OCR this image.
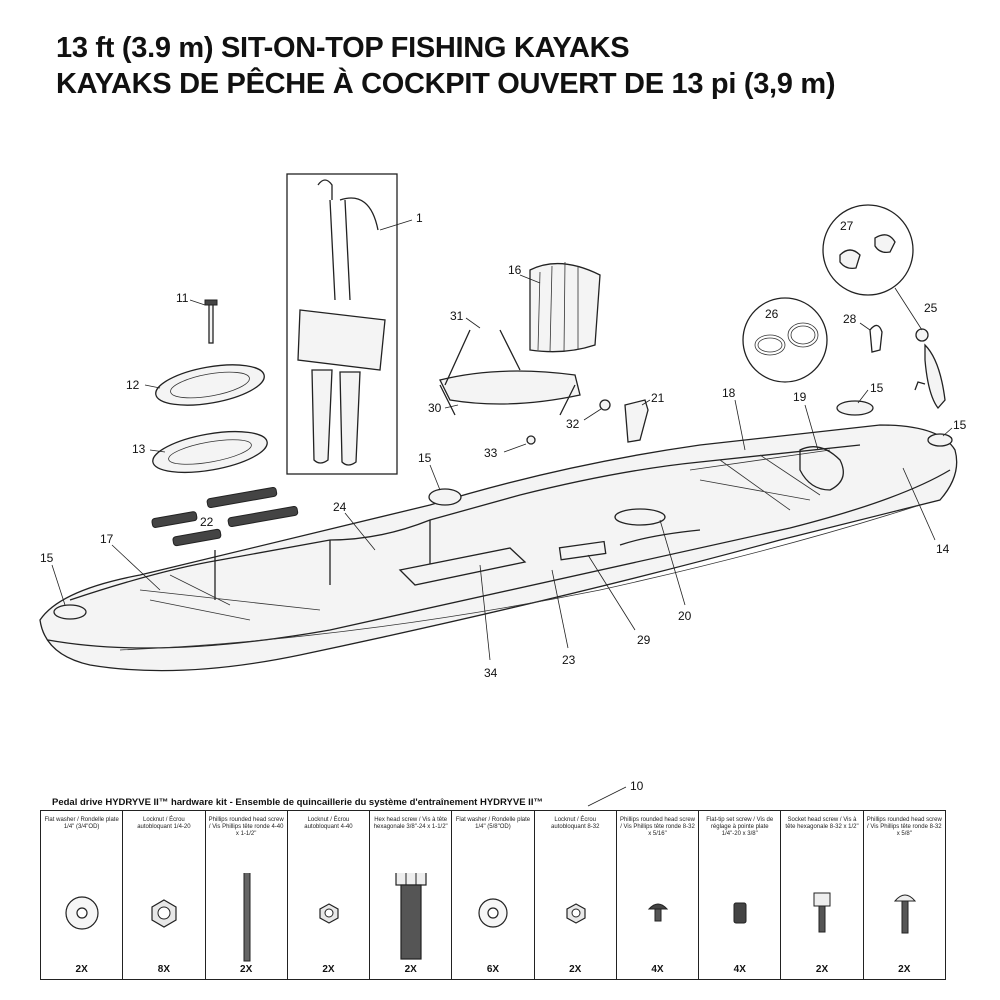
13 ft (3.9 m) SIT-ON-TOP FISHING KAYAKS
KAYAKS DE PÊCHE À COCKPIT OUVERT DE 13 pi (3,9 m)
1
11
12
13
15
15
15
15
16
17
18	19
20
21
22
23
24
25
26
27
28
29
30
31
32
33
34
14
10
Pedal drive HYDRYVE II™ hardware kit - Ensemble de quincaillerie du système d'entraînement HYDRYVE II™
Flat washer / Rondelle plate 1/4" (3/4"OD)
2X
Locknut / Écrou autobloquant 1/4-20
8X
Phillips rounded head screw / Vis Phillips tête ronde 4-40 x 1-1/2"
2X
Locknut / Écrou autobloquant 4-40
2X
Hex head screw / Vis à tête hexagonale 3/8"-24 x 1-1/2"
2X
Flat washer / Rondelle plate 1/4" (5/8"OD)
6X
Locknut / Écrou autobloquant 8-32
2X
Phillips rounded head screw / Vis Phillips tête ronde 8-32 x 5/16"
4X
Flat-tip set screw / Vis de réglage à pointe plate 1/4"-20 x 3/8"
4X
Socket head screw / Vis à tête hexagonale 8-32 x 1/2"
2X
Phillips rounded head screw / Vis Phillips tête ronde 8-32 x 5/8"
2X
